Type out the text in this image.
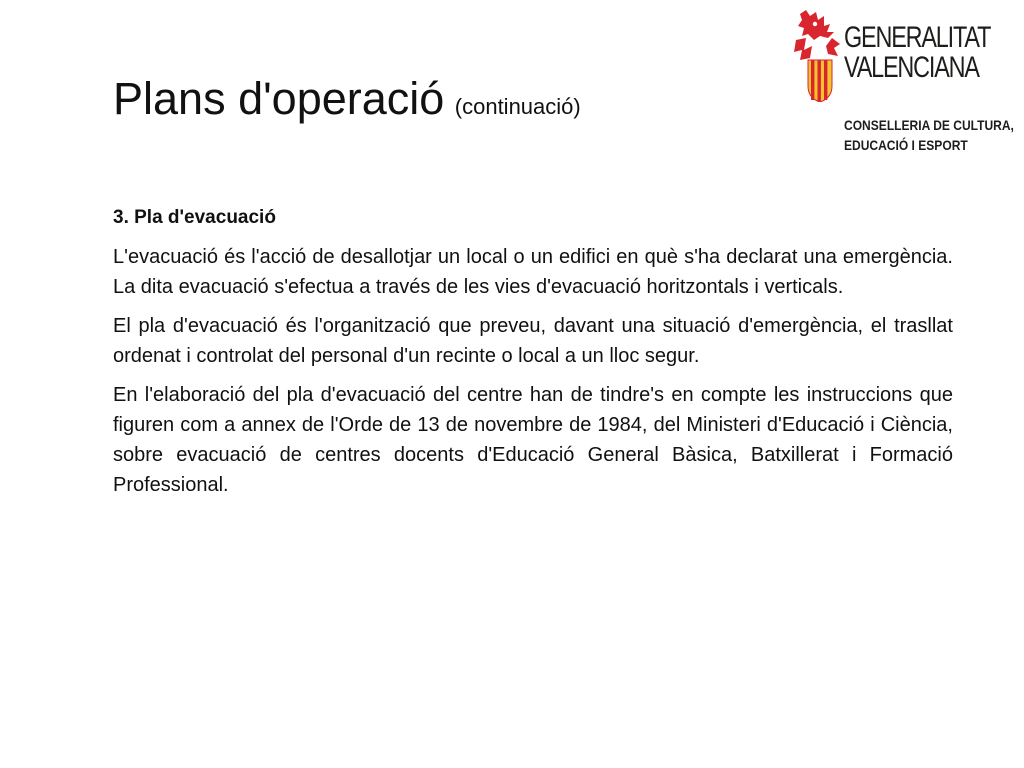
Plans d'operació (continuació)
GENERALITAT
VALENCIANA
CONSELLERIA DE CULTURA,
EDUCACIÓ I ESPORT

3. Pla d'evacuació

L'evacuació és l'acció de desallotjar un local o un edifici en què s'ha declarat una emergència. La dita evacuació s'efectua a través de les vies d'evacuació horitzontals i verticals.

El pla d'evacuació és l'organització que preveu, davant una situació d'emergència, el trasllat ordenat i controlat del personal d'un recinte o local a un lloc segur.

En l'elaboració del pla d'evacuació del centre han de tindre's en compte les instruccions que figuren com a annex de l'Orde de 13 de novembre de 1984, del Ministeri d'Educació i Ciència, sobre evacuació de centres docents d'Educació General Bàsica, Batxillerat i Formació Professional.
